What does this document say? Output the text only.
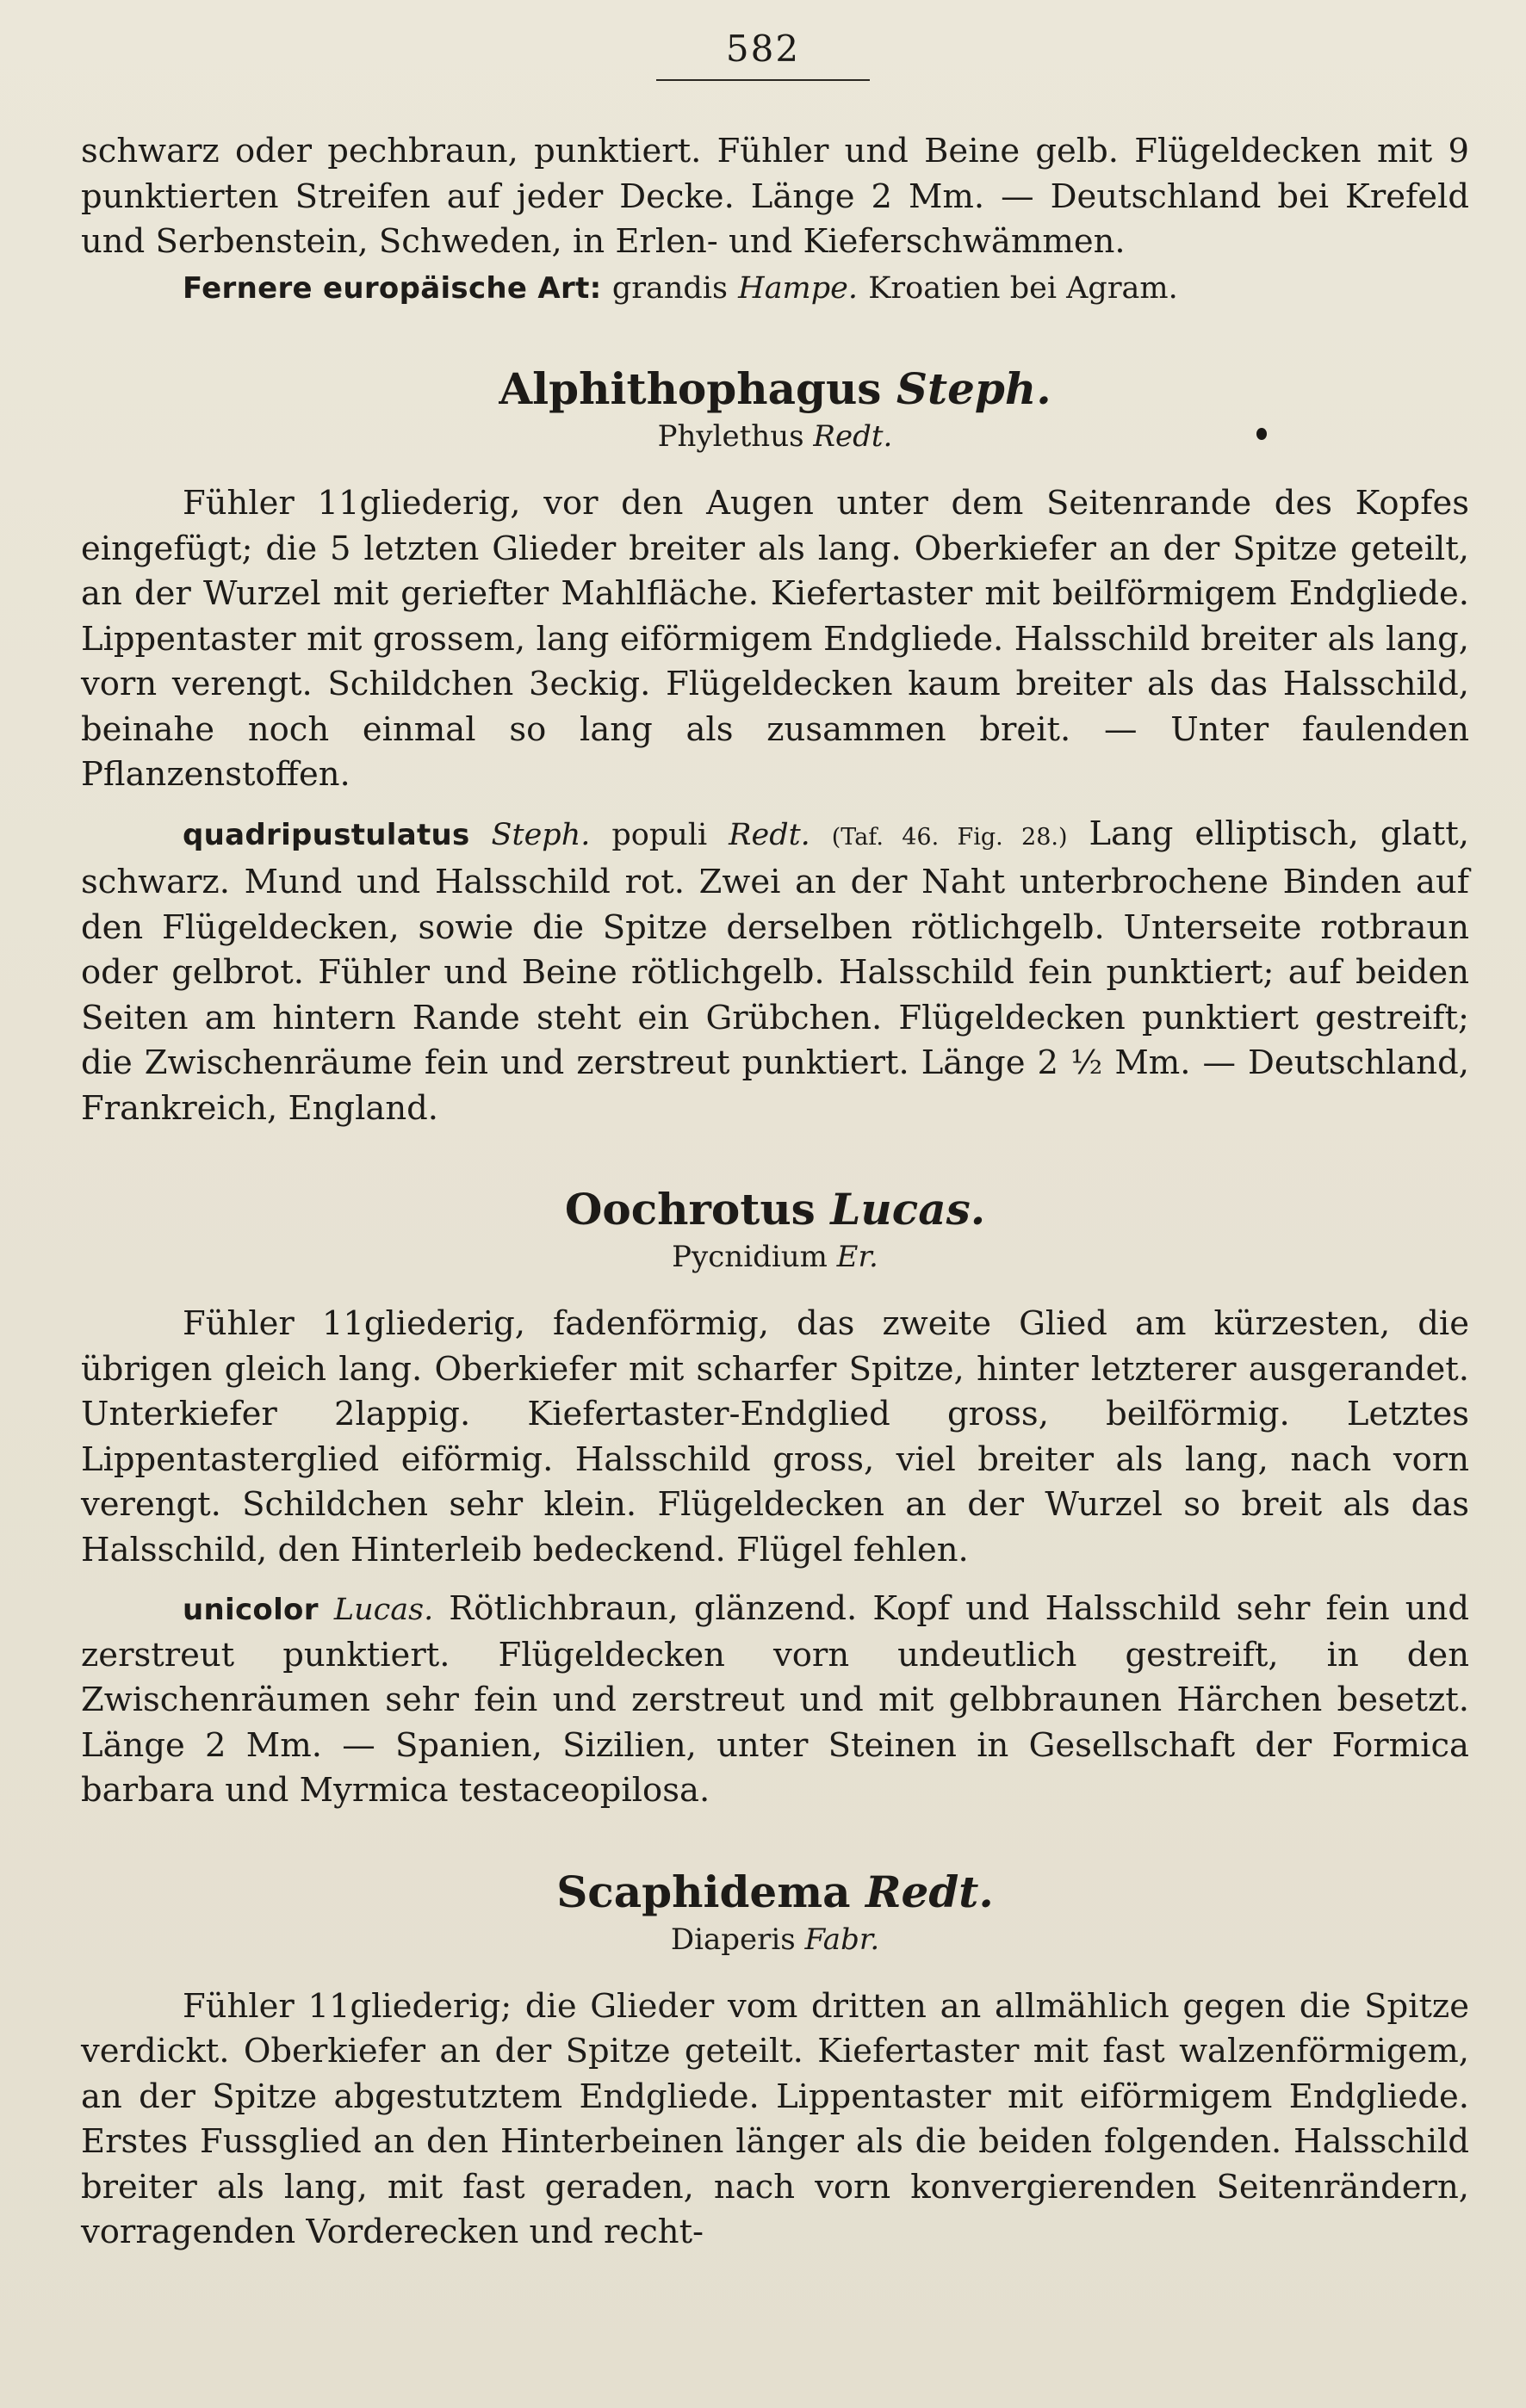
582

schwarz oder pechbraun, punktiert. Fühler und Beine gelb. Flügeldecken mit 9 punktierten Streifen auf jeder Decke. Länge 2 Mm. — Deutschland bei Krefeld und Serbenstein, Schweden, in Erlen- und Kieferschwämmen.

Fernere europäische Art: grandis Hampe. Kroatien bei Agram.

Alphithophagus Steph.

Phylethus Redt.

Fühler 11gliederig, vor den Augen unter dem Seitenrande des Kopfes eingefügt; die 5 letzten Glieder breiter als lang. Oberkiefer an der Spitze geteilt, an der Wurzel mit geriefter Mahlfläche. Kiefertaster mit beilförmigem Endgliede. Lippentaster mit grossem, lang eiförmigem Endgliede. Halsschild breiter als lang, vorn verengt. Schildchen 3eckig. Flügeldecken kaum breiter als das Halsschild, beinahe noch einmal so lang als zusammen breit. — Unter faulenden Pflanzenstoffen.

quadripustulatus Steph. populi Redt. (Taf. 46. Fig. 28.) Lang elliptisch, glatt, schwarz. Mund und Halsschild rot. Zwei an der Naht unterbrochene Binden auf den Flügeldecken, sowie die Spitze derselben rötlichgelb. Unterseite rotbraun oder gelbrot. Fühler und Beine rötlichgelb. Halsschild fein punktiert; auf beiden Seiten am hintern Rande steht ein Grübchen. Flügeldecken punktiert gestreift; die Zwischenräume fein und zerstreut punktiert. Länge 2 ½ Mm. — Deutschland, Frankreich, England.

Oochrotus Lucas.

Pycnidium Er.

Fühler 11gliederig, fadenförmig, das zweite Glied am kürzesten, die übrigen gleich lang. Oberkiefer mit scharfer Spitze, hinter letzterer ausgerandet. Unterkiefer 2lappig. Kiefertaster-Endglied gross, beilförmig. Letztes Lippentasterglied eiförmig. Halsschild gross, viel breiter als lang, nach vorn verengt. Schildchen sehr klein. Flügeldecken an der Wurzel so breit als das Halsschild, den Hinterleib bedeckend. Flügel fehlen.

unicolor Lucas. Rötlichbraun, glänzend. Kopf und Halsschild sehr fein und zerstreut punktiert. Flügeldecken vorn undeutlich gestreift, in den Zwischenräumen sehr fein und zerstreut und mit gelbbraunen Härchen besetzt. Länge 2 Mm. — Spanien, Sizilien, unter Steinen in Gesellschaft der Formica barbara und Myrmica testaceopilosa.

Scaphidema Redt.

Diaperis Fabr.

Fühler 11gliederig; die Glieder vom dritten an allmählich gegen die Spitze verdickt. Oberkiefer an der Spitze geteilt. Kiefertaster mit fast walzenförmigem, an der Spitze abgestutztem Endgliede. Lippentaster mit eiförmigem Endgliede. Erstes Fussglied an den Hinterbeinen länger als die beiden folgenden. Halsschild breiter als lang, mit fast geraden, nach vorn konvergierenden Seitenrändern, vorragenden Vorderecken und recht-
